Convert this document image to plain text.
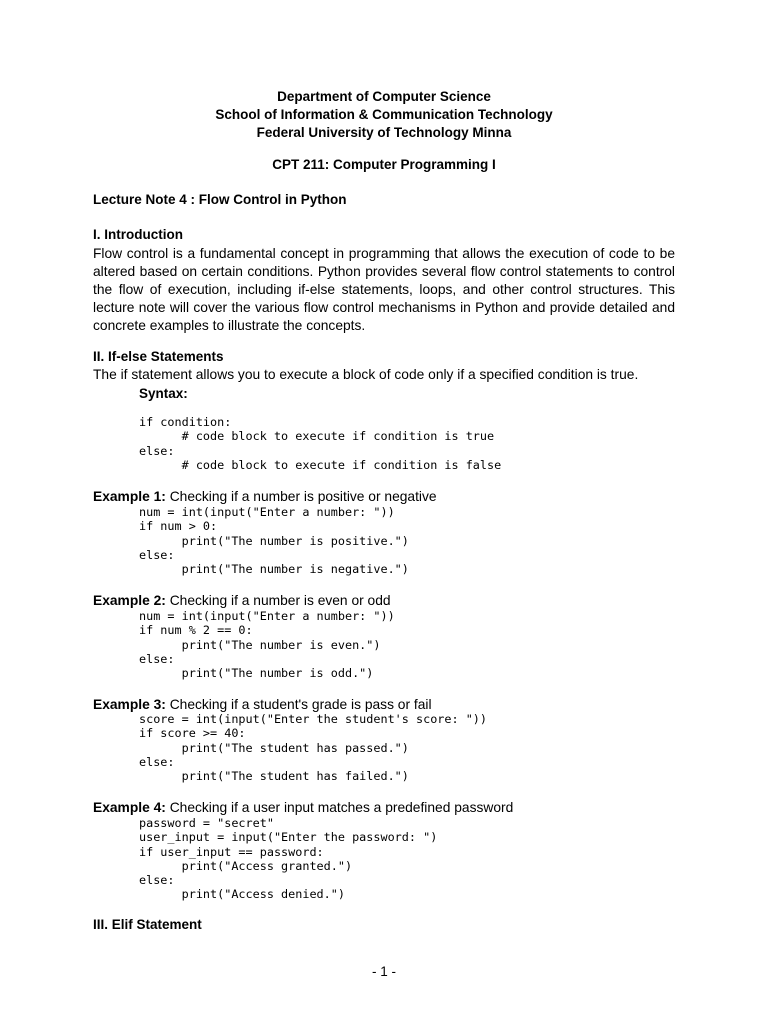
Department of Computer Science
School of Information & Communication Technology
Federal University of Technology Minna
CPT 211: Computer Programming I
Lecture Note 4 : Flow Control in Python
I. Introduction
Flow control is a fundamental concept in programming that allows the execution of code to be altered based on certain conditions. Python provides several flow control statements to control the flow of execution, including if-else statements, loops, and other control structures. This lecture note will cover the various flow control mechanisms in Python and provide detailed and concrete examples to illustrate the concepts.
II. If-else Statements
The if statement allows you to execute a block of code only if a specified condition is true.
Syntax:
if condition:
# code block to execute if condition is true
else:
# code block to execute if condition is false
Example 1: Checking if a number is positive or negative
num = int(input("Enter a number: "))
if num > 0:
print("The number is positive.")
else:
print("The number is negative.")
Example 2: Checking if a number is even or odd
num = int(input("Enter a number: "))
if num % 2 == 0:
print("The number is even.")
else:
print("The number is odd.")
Example 3: Checking if a student's grade is pass or fail
score = int(input("Enter the student's score: "))
if score >= 40:
print("The student has passed.")
else:
print("The student has failed.")
Example 4: Checking if a user input matches a predefined password
password = "secret"
user_input = input("Enter the password: ")
if user_input == password:
print("Access granted.")
else:
print("Access denied.")
III. Elif Statement
- 1 -
